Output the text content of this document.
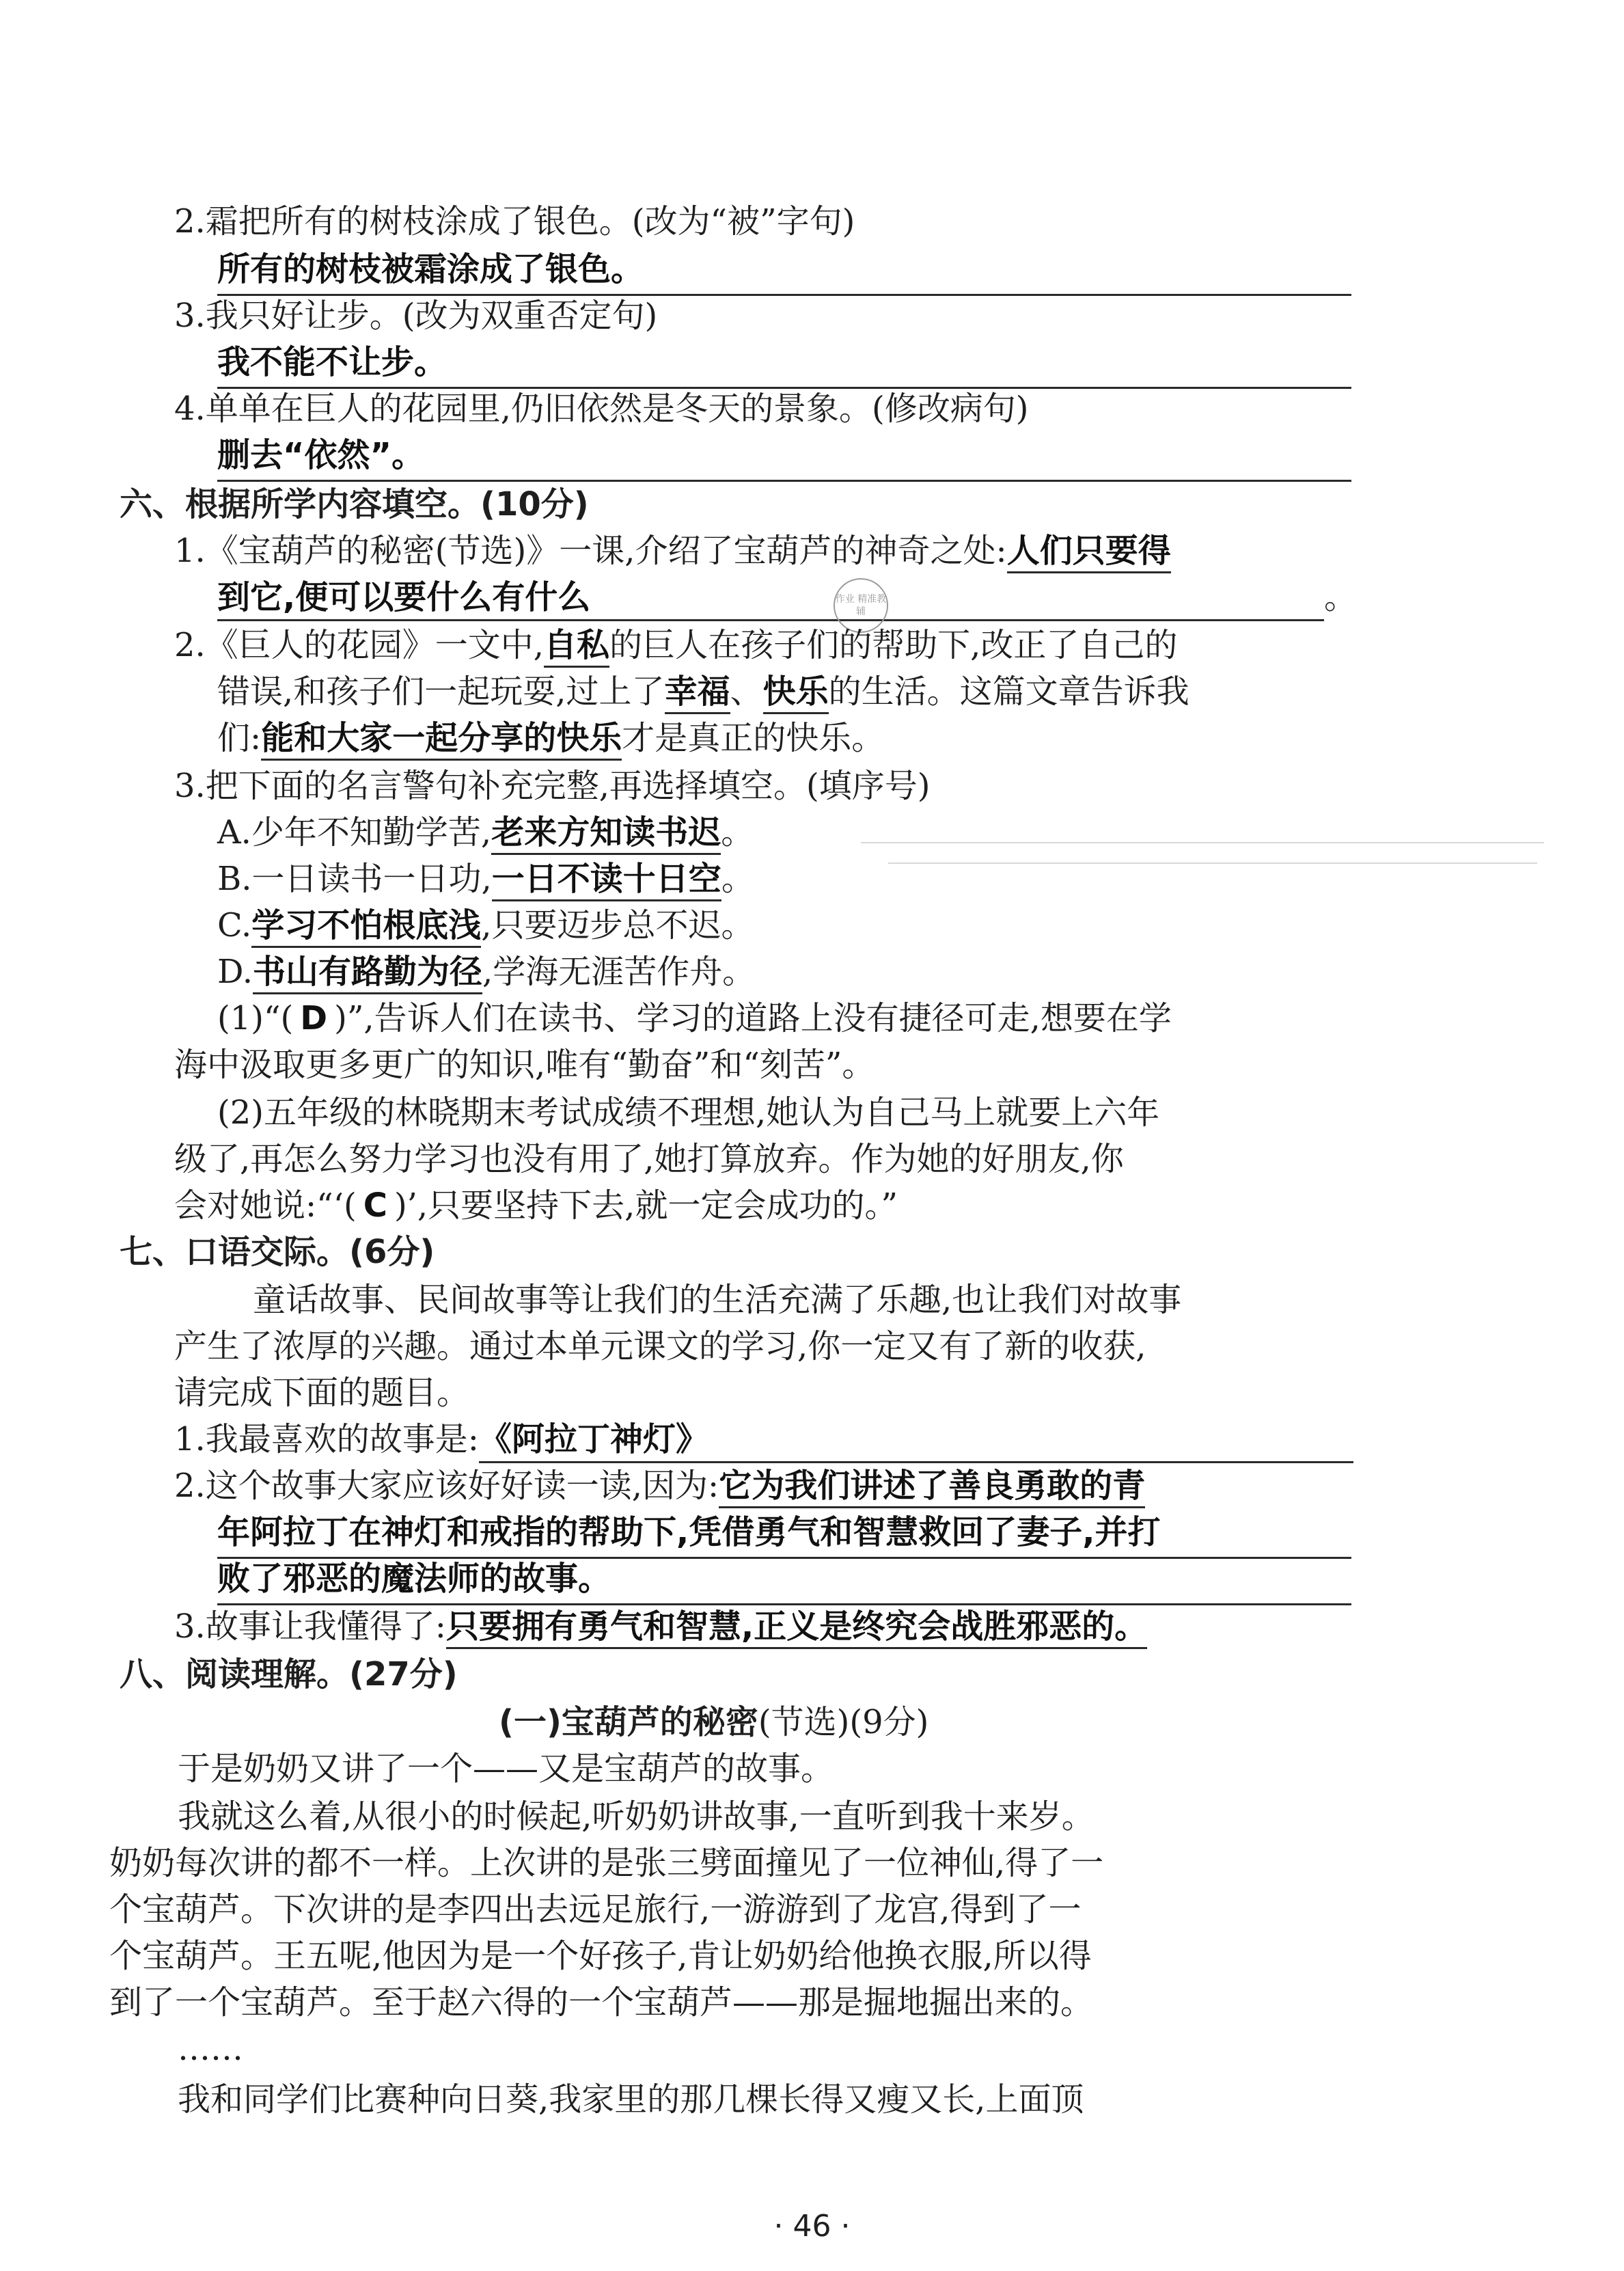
2.霜把所有的树枝涂成了银色。(改为“被”字句)
所有的树枝被霜涂成了银色。
3.我只好让步。(改为双重否定句)
我不能不让步。
4.单单在巨人的花园里,仍旧依然是冬天的景象。(修改病句)
删去“依然”。
六、根据所学内容填空。(10分)
1.《宝葫芦的秘密(节选)》一课,介绍了宝葫芦的神奇之处:人们只要得
到它,便可以要什么有什么	。
作业 精准教辅
2.《巨人的花园》一文中,自私的巨人在孩子们的帮助下,改正了自己的
错误,和孩子们一起玩耍,过上了幸福、快乐的生活。这篇文章告诉我
们:能和大家一起分享的快乐才是真正的快乐。
3.把下面的名言警句补充完整,再选择填空。(填序号)
A.少年不知勤学苦,老来方知读书迟。
B.一日读书一日功,一日不读十日空。
C.学习不怕根底浅,只要迈步总不迟。
D.书山有路勤为径,学海无涯苦作舟。
(1)“( D )”,告诉人们在读书、学习的道路上没有捷径可走,想要在学
海中汲取更多更广的知识,唯有“勤奋”和“刻苦”。
(2)五年级的林晓期末考试成绩不理想,她认为自己马上就要上六年
级了,再怎么努力学习也没有用了,她打算放弃。作为她的好朋友,你
会对她说:“‘( C )’,只要坚持下去,就一定会成功的。”
七、口语交际。(6分)
童话故事、民间故事等让我们的生活充满了乐趣,也让我们对故事
产生了浓厚的兴趣。通过本单元课文的学习,你一定又有了新的收获,
请完成下面的题目。
1.我最喜欢的故事是:《阿拉丁神灯》
2.这个故事大家应该好好读一读,因为:它为我们讲述了善良勇敢的青
年阿拉丁在神灯和戒指的帮助下,凭借勇气和智慧救回了妻子,并打
败了邪恶的魔法师的故事。
3.故事让我懂得了:只要拥有勇气和智慧,正义是终究会战胜邪恶的。
八、阅读理解。(27分)
(一)宝葫芦的秘密(节选)(9分)
于是奶奶又讲了一个——又是宝葫芦的故事。
我就这么着,从很小的时候起,听奶奶讲故事,一直听到我十来岁。
奶奶每次讲的都不一样。上次讲的是张三劈面撞见了一位神仙,得了一
个宝葫芦。下次讲的是李四出去远足旅行,一游游到了龙宫,得到了一
个宝葫芦。王五呢,他因为是一个好孩子,肯让奶奶给他换衣服,所以得
到了一个宝葫芦。至于赵六得的一个宝葫芦——那是掘地掘出来的。
……
我和同学们比赛种向日葵,我家里的那几棵长得又瘦又长,上面顶
· 46 ·
